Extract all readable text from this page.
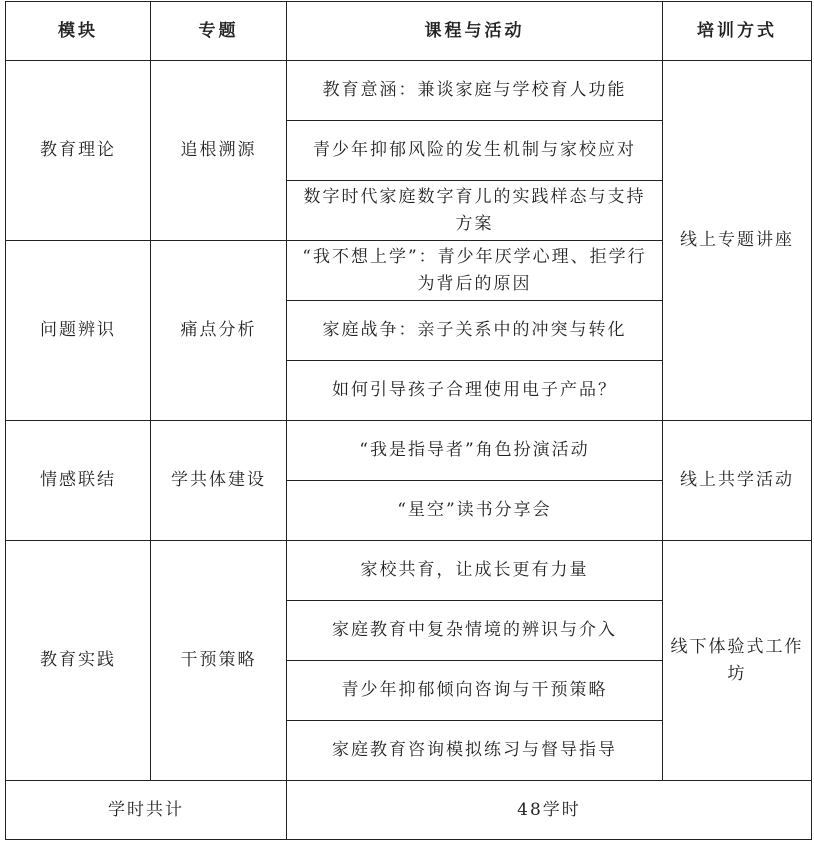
模块	专题	课程与活动	培训方式
教育理论	追根溯源	教育意涵：兼谈家庭与学校育人功能	线上专题讲座
		青少年抑郁风险的发生机制与家校应对	
		数字时代家庭数字育儿的实践样态与支持方案	
问题辨识	痛点分析	“我不想上学”：青少年厌学心理、拒学行为背后的原因	
		家庭战争：亲子关系中的冲突与转化	
		如何引导孩子合理使用电子产品？	
情感联结	学共体建设	“我是指导者”角色扮演活动	线上共学活动
		“星空”读书分享会	
教育实践	干预策略	家校共育，让成长更有力量	线下体验式工作坊
		家庭教育中复杂情境的辨识与介入	
		青少年抑郁倾向咨询与干预策略	
		家庭教育咨询模拟练习与督导指导	
学时共计		48学时	
